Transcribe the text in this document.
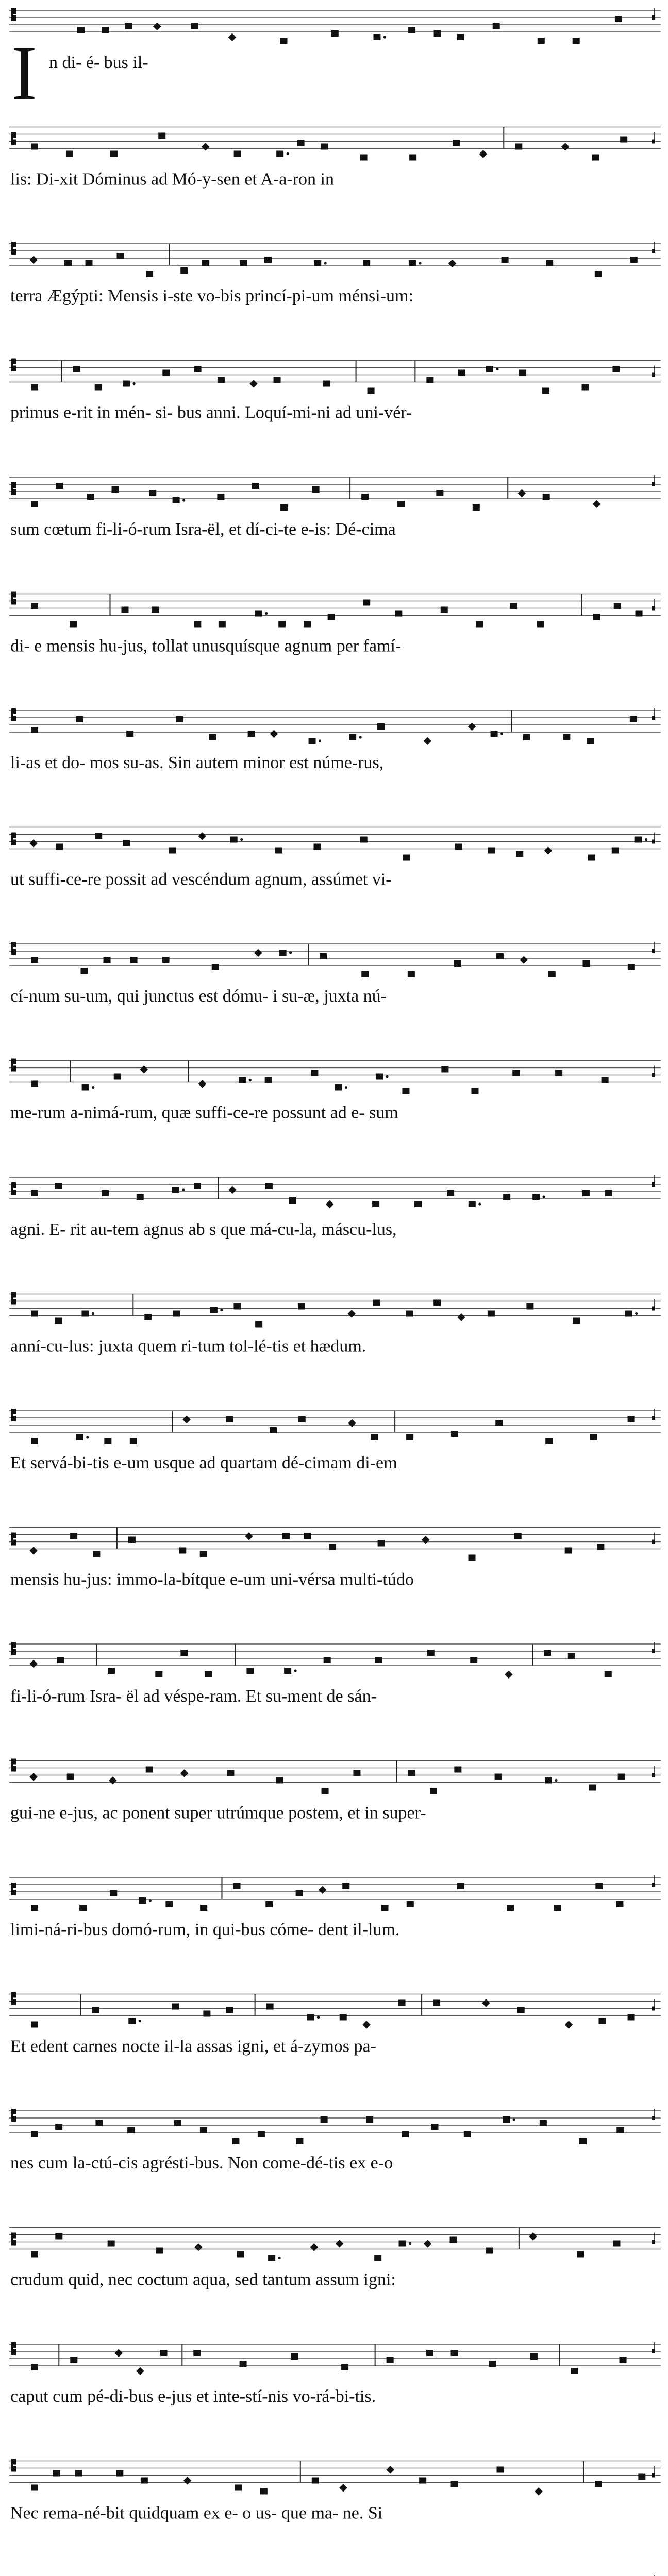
n di- é- bus il-
lis: Di-xit Dóminus ad Mó-y-sen et A-a-ron in
terra Ægýpti: Mensis i-ste vo-bis princí-pi-um ménsi-um:
primus e-rit in mén- si- bus anni. Loquí-mi-ni ad uni-vér-
sum cœtum fi-li-ó-rum Isra-ël, et dí-ci-te e-is: Dé-cima
di- e mensis hu-jus, tollat unusquísque agnum per famí-
li-as et do- mos su-as. Sin autem minor est núme-rus,
ut suffi-ce-re possit ad vescéndum agnum, assúmet vi-
cí-num su-um, qui junctus est dómu- i su-æ, juxta nú-
me-rum a-nimá-rum, quæ suffi-ce-re possunt ad e- sum
agni. E- rit au-tem agnus ab s que má-cu-la, máscu-lus,
anní-cu-lus: juxta quem ri-tum tol-lé-tis et hædum.
Et servá-bi-tis e-um usque ad quartam dé-cimam di-em
mensis hu-jus: immo-la-bítque e-um uni-vérsa multi-túdo
fi-li-ó-rum Isra- ël ad véspe-ram. Et su-ment de sán-
gui-ne e-jus, ac ponent super utrúmque postem, et in super-
limi-ná-ri-bus domó-rum, in qui-bus cóme- dent il-lum.
Et edent carnes nocte il-la assas igni, et á-zymos pa-
nes cum la-ctú-cis agrésti-bus. Non come-dé-tis ex e-o
crudum quid, nec coctum aqua, sed tantum assum igni:
caput cum pé-di-bus e-jus et inte-stí-nis vo-rá-bi-tis.
Nec rema-né-bit quidquam ex e- o us- que ma- ne. Si
I
